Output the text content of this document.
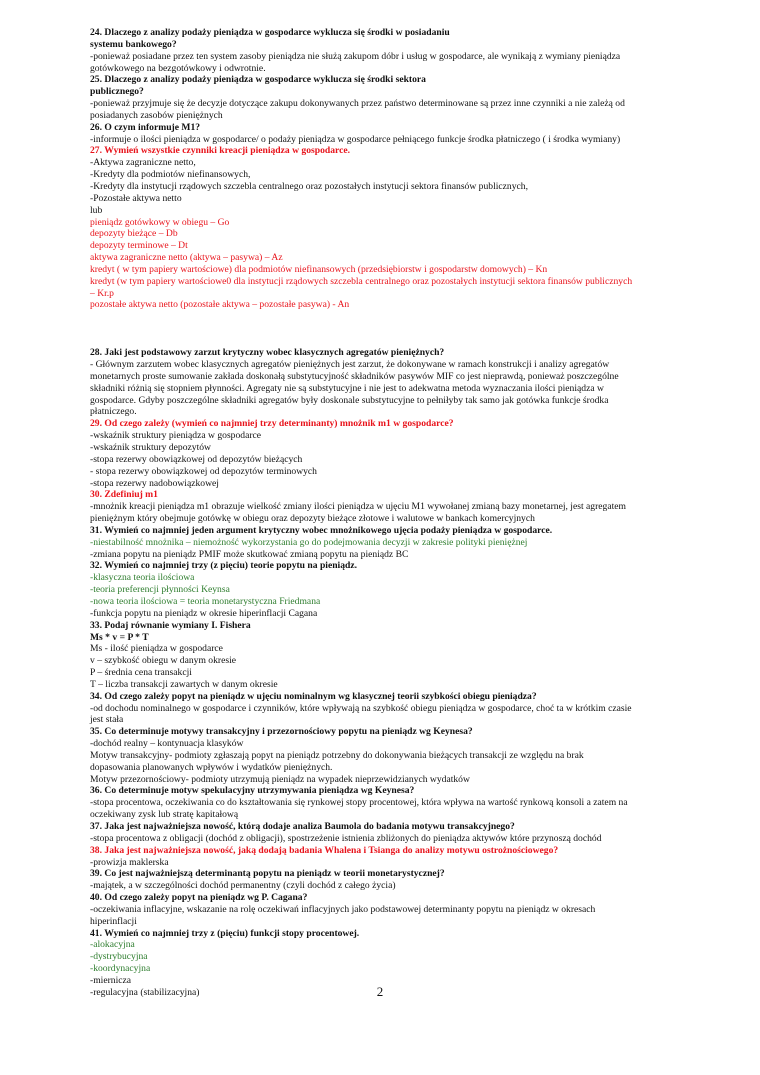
24. Dlaczego z analizy podaży pieniądza w gospodarce wyklucza się środki w posiadaniu
systemu bankowego?
-ponieważ posiadane przez ten system zasoby pieniądza nie służą zakupom dóbr i usług w gospodarce, ale wynikają z wymiany pieniądza
gotówkowego na bezgotówkowy i odwrotnie.
25. Dlaczego z analizy podaży pieniądza w gospodarce wyklucza się środki sektora
publicznego?
-ponieważ przyjmuje się że decyzje dotyczące zakupu dokonywanych przez państwo determinowane są przez inne czynniki a nie zależą od
posiadanych zasobów pieniężnych
26. O czym informuje M1?
-informuje o ilości pieniądza w gospodarce/ o podaży pieniądza w gospodarce pełniącego funkcje środka płatniczego ( i środka wymiany)
27. Wymień wszystkie czynniki kreacji pieniądza w gospodarce.
-Aktywa zagraniczne netto,
-Kredyty dla podmiotów niefinansowych,
-Kredyty dla instytucji rządowych szczebla centralnego oraz pozostałych instytucji sektora finansów publicznych,
-Pozostałe aktywa netto
lub
pieniądz gotówkowy w obiegu – Go
depozyty bieżące – Db
depozyty terminowe – Dt
aktywa zagraniczne netto (aktywa – pasywa) – Az
kredyt ( w tym papiery wartościowe) dla podmiotów niefinansowych (przedsiębiorstw i gospodarstw domowych) – Kn
kredyt (w tym papiery wartościowe0 dla instytucji rządowych szczebla centralnego oraz pozostałych instytucji sektora finansów publicznych
– Kr.p
pozostałe aktywa netto (pozostałe aktywa – pozostałe pasywa) - An
28. Jaki jest podstawowy zarzut krytyczny wobec klasycznych agregatów pieniężnych?
- Głównym zarzutem wobec klasycznych agregatów pieniężnych jest zarzut, że dokonywane w ramach konstrukcji i analizy agregatów
monetarnych proste sumowanie zakłada doskonałą substytucyjność składników pasywów MIF co jest nieprawdą, ponieważ poszczególne
składniki różnią się stopniem płynności. Agregaty nie są substytucyjne i nie jest to adekwatna metoda wyznaczania ilości pieniądza w
gospodarce. Gdyby poszczególne składniki agregatów były doskonale substytucyjne to pełniłyby tak samo jak gotówka funkcje środka
płatniczego.
29. Od czego zależy (wymień co najmniej trzy determinanty) mnożnik m1 w gospodarce?
-wskaźnik struktury pieniądza w gospodarce
-wskaźnik struktury depozytów
-stopa rezerwy obowiązkowej od depozytów bieżących
- stopa rezerwy obowiązkowej od depozytów terminowych
-stopa rezerwy nadobowiązkowej
30. Zdefiniuj m1
-mnożnik kreacji pieniądza m1 obrazuje wielkość zmiany ilości pieniądza w ujęciu M1 wywołanej zmianą bazy monetarnej, jest agregatem
pieniężnym który obejmuje gotówkę w obiegu oraz depozyty bieżące złotowe i walutowe w bankach komercyjnych
31. Wymień co najmniej jeden argument krytyczny wobec mnożnikowego ujęcia podaży pieniądza w gospodarce.
-niestabilność mnożnika – niemożność wykorzystania go do podejmowania decyzji w zakresie polityki pieniężnej
-zmiana popytu na pieniądz PMIF może skutkować zmianą popytu na pieniądz BC
32. Wymień co najmniej trzy (z pięciu) teorie popytu na pieniądz.
-klasyczna teoria ilościowa
-teoria preferencji płynności Keynsa
-nowa teoria ilościowa = teoria monetarystyczna Friedmana
-funkcja popytu na pieniądz w okresie hiperinflacji Cagana
33. Podaj równanie wymiany I. Fishera
Ms * v = P * T
Ms - ilość pieniądza w gospodarce
v – szybkość obiegu w danym okresie
P – średnia cena transakcji
T – liczba transakcji zawartych w danym okresie
34. Od czego zależy popyt na pieniądz w ujęciu nominalnym wg klasycznej teorii szybkości obiegu pieniądza?
-od dochodu nominalnego w gospodarce i czynników, które wpływają na szybkość obiegu pieniądza w gospodarce, choć ta w krótkim czasie
jest stała
35. Co determinuje motywy transakcyjny i przezornościowy popytu na pieniądz wg Keynesa?
-dochód realny – kontynuacja klasyków
Motyw transakcyjny- podmioty zgłaszają popyt na pieniądz potrzebny do dokonywania bieżących transakcji ze względu na brak
dopasowania planowanych wpływów i wydatków pieniężnych.
Motyw przezornościowy- podmioty utrzymują pieniądz na wypadek nieprzewidzianych wydatków
36. Co determinuje motyw spekulacyjny utrzymywania pieniądza wg Keynesa?
-stopa procentowa, oczekiwania co do kształtowania się rynkowej stopy procentowej, która wpływa na wartość rynkową konsoli a zatem na
oczekiwany zysk lub stratę kapitałową
37. Jaka jest najważniejsza nowość, którą dodaje analiza Baumola do badania motywu transakcyjnego?
-stopa procentowa z obligacji (dochód z obligacji), spostrzeżenie istnienia zbliżonych do pieniądza aktywów które przynoszą dochód
38. Jaka jest najważniejsza nowość, jaką dodają badania Whalena i Tsianga do analizy motywu ostrożnościowego?
-prowizja maklerska
39. Co jest najważniejszą determinantą popytu na pieniądz w teorii monetarystycznej?
-majątek, a w szczególności dochód permanentny (czyli dochód z całego życia)
40. Od czego zależy popyt na pieniądz wg P. Cagana?
-oczekiwania inflacyjne, wskazanie na rolę oczekiwań inflacyjnych jako podstawowej determinanty popytu na pieniądz w okresach
hiperinflacji
41. Wymień co najmniej trzy z (pięciu) funkcji stopy procentowej.
-alokacyjna
-dystrybucyjna
-koordynacyjna
-miernicza
-regulacyjna (stabilizacyjna)	2
